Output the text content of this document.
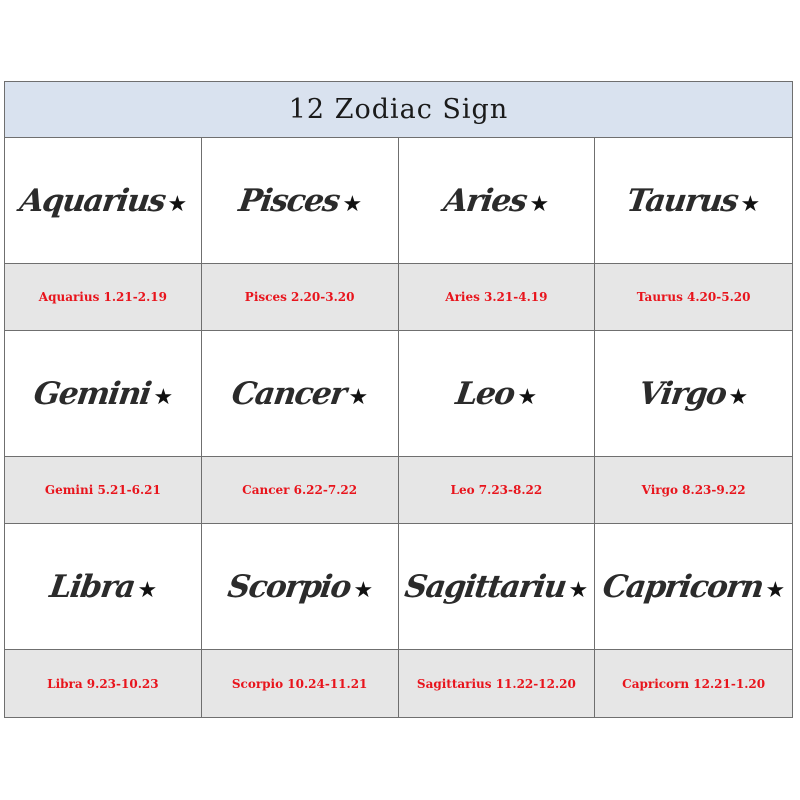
12 Zodiac Sign
Aquarius★
Aquarius 1.21-2.19
Pisces★
Pisces 2.20-3.20
Aries★
Aries 3.21-4.19
Taurus★
Taurus 4.20-5.20
Gemini★
Gemini 5.21-6.21
Cancer★
Cancer 6.22-7.22
Leo★
Leo 7.23-8.22
Virgo★
Virgo 8.23-9.22
Libra★
Libra 9.23-10.23
Scorpio★
Scorpio 10.24-11.21
Sagittariu★
Sagittarius 11.22-12.20
Capricorn★
Capricorn 12.21-1.20
